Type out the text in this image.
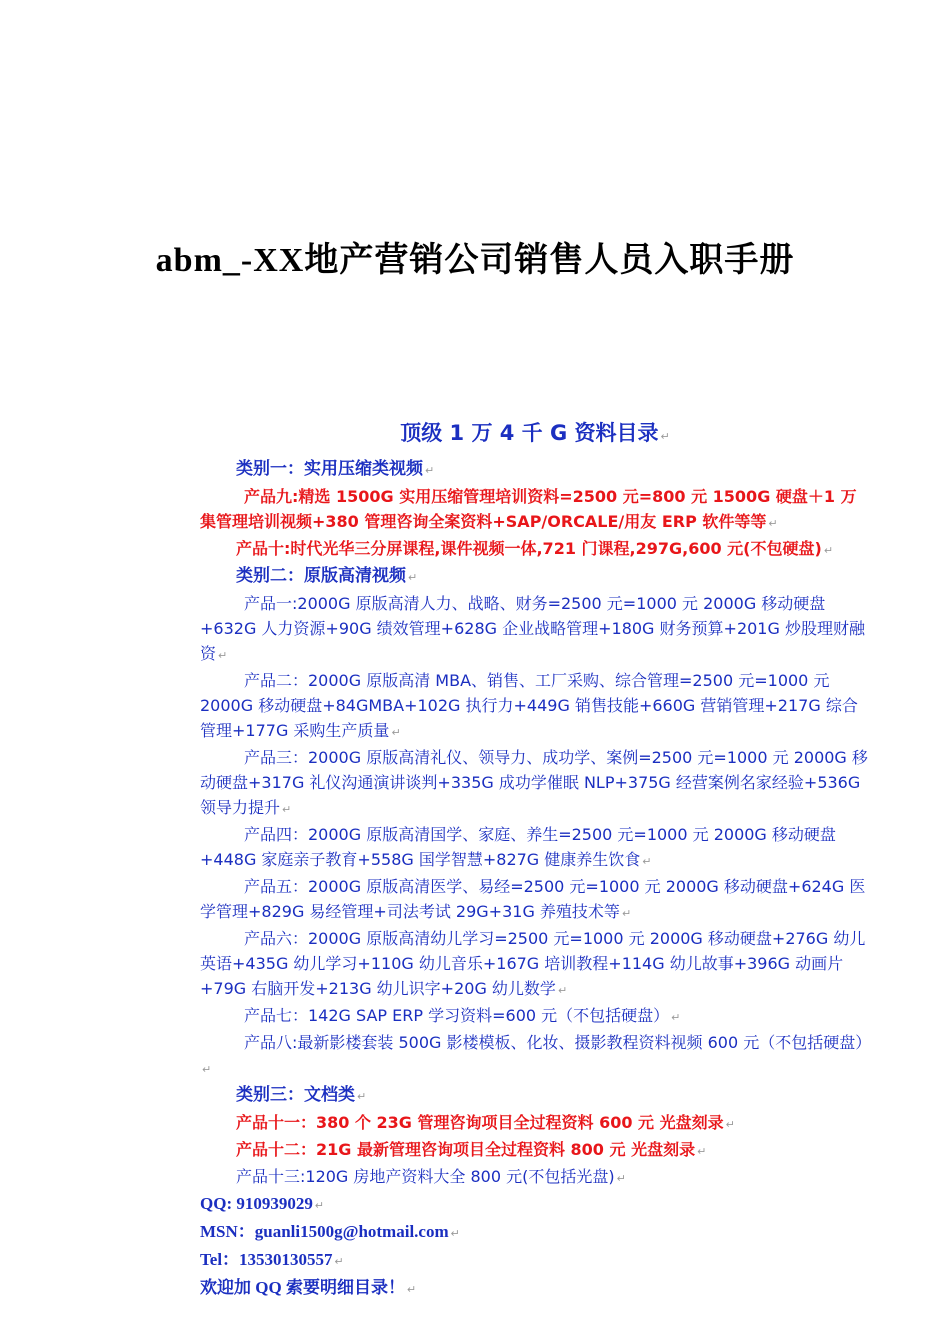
abm_-XX地产营销公司销售人员入职手册
顶级 1 万 4 千 G 资料目录 ↵
类别一：实用压缩类视频 ↵

产品九:精选 1500G 实用压缩管理培训资料=2500 元=800 元 1500G 硬盘＋1 万集管理培训视频+380 管理咨询全案资料+SAP/ORCALE/用友 ERP 软件等等 ↵

产品十:时代光华三分屏课程,课件视频一体,721 门课程,297G,600 元(不包硬盘) ↵

类别二：原版高清视频 ↵

产品一:2000G 原版高清人力、战略、财务=2500 元=1000 元 2000G 移动硬盘+632G 人力资源+90G 绩效管理+628G 企业战略管理+180G 财务预算+201G 炒股理财融资 ↵

产品二：2000G 原版高清 MBA、销售、工厂采购、综合管理=2500 元=1000 元 2000G 移动硬盘+84GMBA+102G 执行力+449G 销售技能+660G 营销管理+217G 综合管理+177G 采购生产质量 ↵

产品三：2000G 原版高清礼仪、领导力、成功学、案例=2500 元=1000 元 2000G 移动硬盘+317G 礼仪沟通演讲谈判+335G 成功学催眠 NLP+375G 经营案例名家经验+536G 领导力提升 ↵

产品四：2000G 原版高清国学、家庭、养生=2500 元=1000 元 2000G 移动硬盘+448G 家庭亲子教育+558G 国学智慧+827G 健康养生饮食 ↵

产品五：2000G 原版高清医学、易经=2500 元=1000 元 2000G 移动硬盘+624G 医学管理+829G 易经管理+司法考试 29G+31G 养殖技术等 ↵

产品六：2000G 原版高清幼儿学习=2500 元=1000 元 2000G 移动硬盘+276G 幼儿英语+435G 幼儿学习+110G 幼儿音乐+167G 培训教程+114G 幼儿故事+396G 动画片+79G 右脑开发+213G 幼儿识字+20G 幼儿数学 ↵

产品七：142G SAP ERP 学习资料=600 元（不包括硬盘） ↵

产品八:最新影楼套装 500G 影楼模板、化妆、摄影教程资料视频 600 元（不包括硬盘）↵

类别三：文档类 ↵

产品十一：380 个 23G 管理咨询项目全过程资料 600 元 光盘刻录 ↵

产品十二：21G 最新管理咨询项目全过程资料 800 元 光盘刻录 ↵

产品十三:120G 房地产资料大全 800 元(不包括光盘) ↵

QQ: 910939029 ↵
MSN：guanli1500g@hotmail.com ↵
Tel：13530130557 ↵
欢迎加 QQ 索要明细目录！ ↵
